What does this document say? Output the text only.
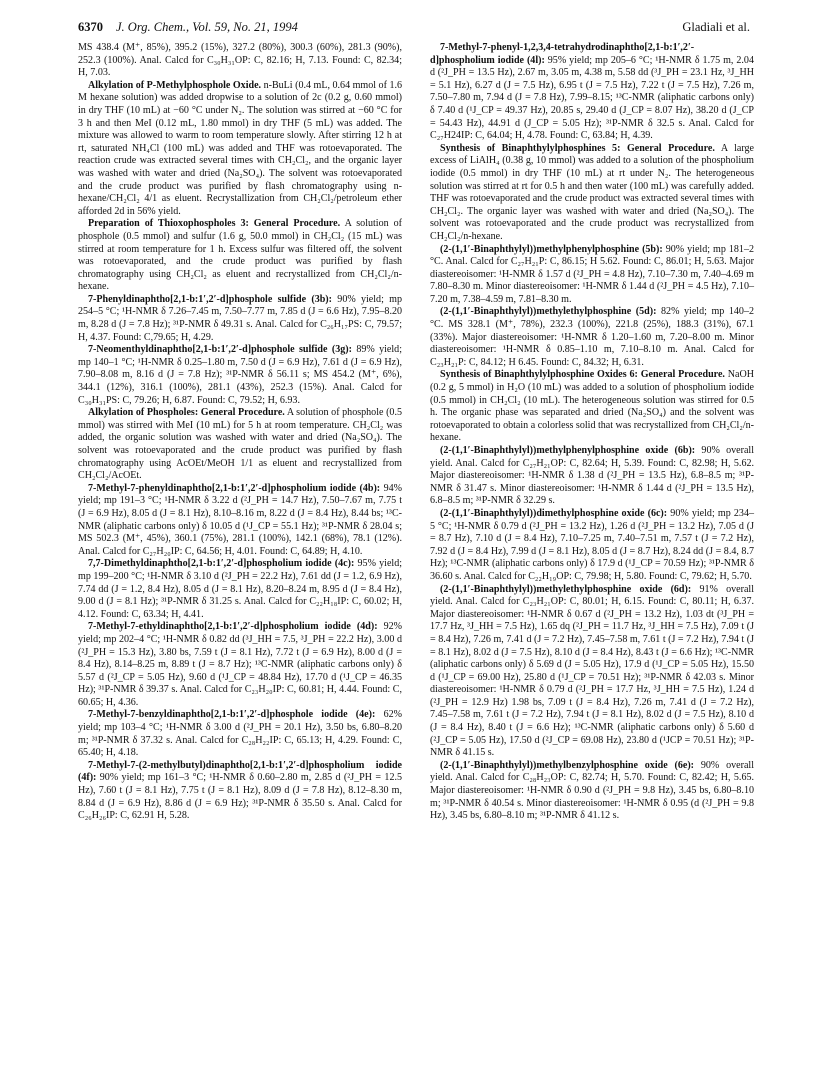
6370 J. Org. Chem., Vol. 59, No. 21, 1994	Gladiali et al.

MS 438.4 (M⁺, 85%), 395.2 (15%), 327.2 (80%), 300.3 (60%), 281.3 (90%), 252.3 (100%). Anal. Calcd for C₃₀H₃₁OP: C, 82.16; H, 7.13. Found: C, 82.34; H, 7.03.

Alkylation of P-Methylphosphole Oxide. n-BuLi (0.4 mL, 0.64 mmol of 1.6 M hexane solution) was added dropwise to a solution of 2c (0.2 g, 0.60 mmol) in dry THF (10 mL) at −60 °C under N₂. The solution was stirred at −60 °C for 3 h and then MeI (0.12 mL, 1.80 mmol) in dry THF (5 mL) was added. The mixture was allowed to warm to room temperature slowly. After stirring 12 h at rt, saturated NH₄Cl (100 mL) was added and THF was rotoevaporated. The reaction crude was extracted several times with CH₂Cl₂, and the organic layer was washed with water and dried (Na₂SO₄). The solvent was rotoevaporated and the crude product was purified by flash chromatography using n-hexane/CH₂Cl₂ 4/1 as eluent. Recrystallization from CH₂Cl₂/petroleum ether afforded 2d in 56% yield.

Preparation of Thioxophospholes 3: General Procedure. A solution of phosphole (0.5 mmol) and sulfur (1.6 g, 50.0 mmol) in CH₂Cl₂ (15 mL) was stirred at room temperature for 1 h. Excess sulfur was filtered off, the solvent was rotoevaporated, and the crude product was purified by flash chromatography using CH₂Cl₂ as eluent and recrystallized from CH₂Cl₂/n-hexane.

7-Phenyldinaphtho[2,1-b:1′,2′-d]phosphole sulfide (3b): 90% yield; mp 254–5 °C; ¹H-NMR δ 7.26–7.45 m, 7.50–7.77 m, 7.85 d (J = 6.6 Hz), 7.95–8.20 m, 8.28 d (J = 7.8 Hz); ³¹P-NMR δ 49.31 s. Anal. Calcd for C₂₆H₁₇PS: C, 79.57; H, 4.37. Found: C,79.65; H, 4.29.

7-Neomenthyldinaphtho[2,1-b:1′,2′-d]phosphole sulfide (3g): 89% yield; mp 140–1 °C; ¹H-NMR δ 0.25–1.80 m, 7.50 d (J = 6.9 Hz), 7.61 d (J = 6.9 Hz), 7.90–8.08 m, 8.16 d (J = 7.8 Hz); ³¹P-NMR δ 56.11 s; MS 454.2 (M⁺, 6%), 344.1 (12%), 316.1 (100%), 281.1 (43%), 252.3 (15%). Anal. Calcd for C₃₀H₃₁PS: C, 79.26; H, 6.87. Found: C, 79.52; H, 6.93.

Alkylation of Phospholes: General Procedure. A solution of phosphole (0.5 mmol) was stirred with MeI (10 mL) for 5 h at room temperature. CH₂Cl₂ was added, the organic solution was washed with water and dried (Na₂SO₄). The solvent was rotoevaporated and the crude product was purified by flash chromatography using AcOEt/MeOH 1/1 as eluent and recrystallized from CH₂Cl₂/AcOEt.

7-Methyl-7-phenyldinaphtho[2,1-b:1′,2′-d]phospholium iodide (4b): 94% yield; mp 191–3 °C; ¹H-NMR δ 3.22 d (²J_PH = 14.7 Hz), 7.50–7.67 m, 7.75 t (J = 6.9 Hz), 8.05 d (J = 8.1 Hz), 8.10–8.16 m, 8.22 d (J = 8.4 Hz), 8.44 bs; ¹³C-NMR (aliphatic carbons only) δ 10.05 d (¹J_CP = 55.1 Hz); ³¹P-NMR δ 28.04 s; MS 502.3 (M⁺, 45%), 360.1 (75%), 281.1 (100%), 142.1 (68%), 78.1 (12%). Anal. Calcd for C₂₇H₂₀IP: C, 64.56; H, 4.01. Found: C, 64.89; H, 4.10.

7,7-Dimethyldinaphtho[2,1-b:1′,2′-d]phospholium iodide (4c): 95% yield; mp 199–200 °C; ¹H-NMR δ 3.10 d (²J_PH = 22.2 Hz), 7.61 dd (J = 1.2, 6.9 Hz), 7.74 dd (J = 1.2, 8.4 Hz), 8.05 d (J = 8.1 Hz), 8.20–8.24 m, 8.95 d (J = 8.4 Hz), 9.00 d (J = 8.1 Hz); ³¹P-NMR δ 31.25 s. Anal. Calcd for C₂₂H₁₈IP: C, 60.02; H, 4.12. Found: C, 63.34; H, 4.41.

7-Methyl-7-ethyldinaphtho[2,1-b:1′,2′-d]phospholium iodide (4d): 92% yield; mp 202–4 °C; ¹H-NMR δ 0.82 dd (³J_HH = 7.5, ³J_PH = 22.2 Hz), 3.00 d (²J_PH = 15.3 Hz), 3.80 bs, 7.59 t (J = 8.1 Hz), 7.72 t (J = 6.9 Hz), 8.00 d (J = 8.4 Hz), 8.14–8.25 m, 8.89 t (J = 8.7 Hz); ¹³C-NMR (aliphatic carbons only) δ 5.57 d (²J_CP = 5.05 Hz), 9.60 d (¹J_CP = 48.84 Hz), 17.70 d (¹J_CP = 46.35 Hz); ³¹P-NMR δ 39.37 s. Anal. Calcd for C₂₃H₂₀IP: C, 60.81; H, 4.44. Found: C, 60.65; H, 4.36.

7-Methyl-7-benzyldinaphtho[2,1-b:1′,2′-d]phosphole iodide (4e): 62% yield; mp 103–4 °C; ¹H-NMR δ 3.00 d (²J_PH = 20.1 Hz), 3.50 bs, 6.80–8.20 m; ³¹P-NMR δ 37.32 s. Anal. Calcd for C₂₈H₂₂IP: C, 65.13; H, 4.29. Found: C, 65.40; H, 4.18.

7-Methyl-7-(2-methylbutyl)dinaphtho[2,1-b:1′,2′-d]phospholium iodide (4f): 90% yield; mp 161–3 °C; ¹H-NMR δ 0.60–2.80 m, 2.85 d (²J_PH = 12.5 Hz), 7.60 t (J = 8.1 Hz), 7.75 t (J = 8.1 Hz), 8.09 d (J = 7.8 Hz), 8.12–8.30 m, 8.84 d (J = 6.9 Hz), 8.86 d (J = 6.9 Hz); ³¹P-NMR δ 35.50 s. Anal. Calcd for C₂₆H₂₆IP: C, 62.91 H, 5.28.

7-Methyl-7-phenyl-1,2,3,4-tetrahydrodinaphtho[2,1-b:1′,2′-d]phospholium iodide (4l): 95% yield; mp 205–6 °C; ¹H-NMR δ 1.75 m, 2.04 d (²J_PH = 13.5 Hz), 2.67 m, 3.05 m, 4.38 m, 5.58 dd (³J_PH = 23.1 Hz, ³J_HH = 5.1 Hz), 6.27 d (J = 7.5 Hz), 6.95 t (J = 7.5 Hz), 7.22 t (J = 7.5 Hz), 7.26 m, 7.50–7.80 m, 7.94 d (J = 7.8 Hz), 7.99–8.15; ¹³C-NMR (aliphatic carbons only) δ 7.40 d (¹J_CP = 49.37 Hz), 20.85 s, 29.40 d (J_CP = 8.07 Hz), 38.20 d (J_CP = 54.43 Hz), 44.91 d (J_CP = 5.05 Hz); ³¹P-NMR δ 32.5 s. Anal. Calcd for C₂₇H24IP: C, 64.04; H, 4.78. Found: C, 63.84; H, 4.39.

Synthesis of Binaphthylylphosphines 5: General Procedure. A large excess of LiAlH₄ (0.38 g, 10 mmol) was added to a solution of the phospholium iodide (0.5 mmol) in dry THF (10 mL) at rt under N₂. The heterogeneous solution was stirred at rt for 0.5 h and then water (100 mL) was carefully added. THF was rotoevaporated and the crude product was extracted several times with CH₂Cl₂. The organic layer was washed with water and dried (Na₂SO₄). The solvent was rotoevaporated and the crude product was recrystallized from CH₂Cl₂/n-hexane.

(2-(1,1′-Binaphthylyl))methylphenylphosphine (5b): 90% yield; mp 181–2 °C. Anal. Calcd for C₂₇H₂₁P: C, 86.15; H 5.62. Found: C, 86.01; H, 5.63. Major diastereoisomer: ¹H-NMR δ 1.57 d (²J_PH = 4.8 Hz), 7.10–7.30 m, 7.40–4.69 m 7.80–8.30 m. Minor diastereoisomer: ¹H-NMR δ 1.44 d (²J_PH = 4.5 Hz), 7.10–7.20 m, 7.38–4.59 m, 7.81–8.30 m.

(2-(1,1′-Binaphthylyl))methylethylphosphine (5d): 82% yield; mp 140–2 °C. MS 328.1 (M⁺, 78%), 232.3 (100%), 221.8 (25%), 188.3 (31%), 67.1 (33%). Major diastereoisomer: ¹H-NMR δ 1.20–1.60 m, 7.20–8.00 m. Minor diastereoisomer: ¹H-NMR δ 0.85–1.10 m, 7.10–8.10 m. Anal. Calcd for C₂₃H₂₁P: C, 84.12; H 6.45. Found: C, 84.32; H, 6.31.

Synthesis of Binaphthylylphosphine Oxides 6: General Procedure. NaOH (0.2 g, 5 mmol) in H₂O (10 mL) was added to a solution of phospholium iodide (0.5 mmol) in CH₂Cl₂ (10 mL). The heterogeneous solution was stirred for 0.5 h. The organic phase was separated and dried (Na₂SO₄) and the solvent was rotoevaporated to obtain a colorless solid that was recrystallized from CH₂Cl₂/n-hexane.

(2-(1,1′-Binaphthylyl))methylphenylphosphine oxide (6b): 90% overall yield. Anal. Calcd for C₂₇H₂₁OP: C, 82.64; H, 5.39. Found: C, 82.98; H, 5.62. Major diastereoisomer: ¹H-NMR δ 1.38 d (²J_PH = 13.5 Hz), 6.8–8.5 m; ³¹P-NMR δ 31.47 s. Minor diastereoisomer: ¹H-NMR δ 1.44 d (²J_PH = 13.5 Hz), 6.8–8.5 m; ³¹P-NMR δ 32.29 s.

(2-(1,1′-Binaphthylyl))dimethylphosphine oxide (6c): 90% yield; mp 234–5 °C; ¹H-NMR δ 0.79 d (²J_PH = 13.2 Hz), 1.26 d (²J_PH = 13.2 Hz), 7.05 d (J = 8.7 Hz), 7.10 d (J = 8.4 Hz), 7.10–7.25 m, 7.40–7.51 m, 7.57 t (J = 7.2 Hz), 7.92 d (J = 8.4 Hz), 7.99 d (J = 8.1 Hz), 8.05 d (J = 8.7 Hz), 8.24 dd (J = 8.4, 8.7 Hz); ¹³C-NMR (aliphatic carbons only) δ 17.9 d (¹J_CP = 70.59 Hz); ³¹P-NMR δ 36.60 s. Anal. Calcd for C₂₂H₁₉OP: C, 79.98; H, 5.80. Found: C, 79.62; H, 5.70.

(2-(1,1′-Binaphthylyl))methylethylphosphine oxide (6d): 91% overall yield. Anal. Calcd for C₂₃H₂₁OP: C, 80.01; H, 6.15. Found: C, 80.11; H, 6.37. Major diastereoisomer: ¹H-NMR δ 0.67 d (²J_PH = 13.2 Hz), 1.03 dt (³J_PH = 17.7 Hz, ³J_HH = 7.5 Hz), 1.65 dq (²J_PH = 11.7 Hz, ³J_HH = 7.5 Hz), 7.09 t (J = 8.4 Hz), 7.26 m, 7.41 d (J = 7.2 Hz), 7.45–7.58 m, 7.61 t (J = 7.2 Hz), 7.94 t (J = 8.1 Hz), 8.02 d (J = 7.5 Hz), 8.10 d (J = 8.4 Hz), 8.43 t (J = 6.6 Hz); ¹³C-NMR (aliphatic carbons only) δ 5.69 d (J = 5.05 Hz), 17.9 d (¹J_CP = 5.05 Hz), 15.50 d (¹J_CP = 69.00 Hz), 25.80 d (¹J_CP = 70.51 Hz); ³¹P-NMR δ 42.03 s. Minor diastereoisomer: ¹H-NMR δ 0.79 d (²J_PH = 17.7 Hz, ³J_HH = 7.5 Hz), 1.24 d (²J_PH = 12.9 Hz) 1.98 bs, 7.09 t (J = 8.4 Hz), 7.26 m, 7.41 d (J = 7.2 Hz), 7.45–7.58 m, 7.61 t (J = 7.2 Hz), 7.94 t (J = 8.1 Hz), 8.02 d (J = 7.5 Hz), 8.10 d (J = 8.4 Hz), 8.40 t (J = 6.6 Hz); ¹³C-NMR (aliphatic carbons only) δ 5.60 d (²J_CP = 5.05 Hz), 17.50 d (²J_CP = 69.08 Hz), 23.80 d (¹JCP = 70.51 Hz); ³¹P-NMR δ 41.15 s.

(2-(1,1′-Binaphthylyl))methylbenzylphosphine oxide (6e): 90% overall yield. Anal. Calcd for C₂₈H₂₃OP: C, 82.74; H, 5.70. Found: C, 82.42; H, 5.65. Major diastereoisomer: ¹H-NMR δ 0.90 d (²J_PH = 9.8 Hz), 3.45 bs, 6.80–8.10 m; ³¹P-NMR δ 40.54 s. Minor diastereoisomer: ¹H-NMR δ 0.95 (d (²J_PH = 9.8 Hz), 3.45 bs, 6.80–8.10 m; ³¹P-NMR δ 41.12 s.
